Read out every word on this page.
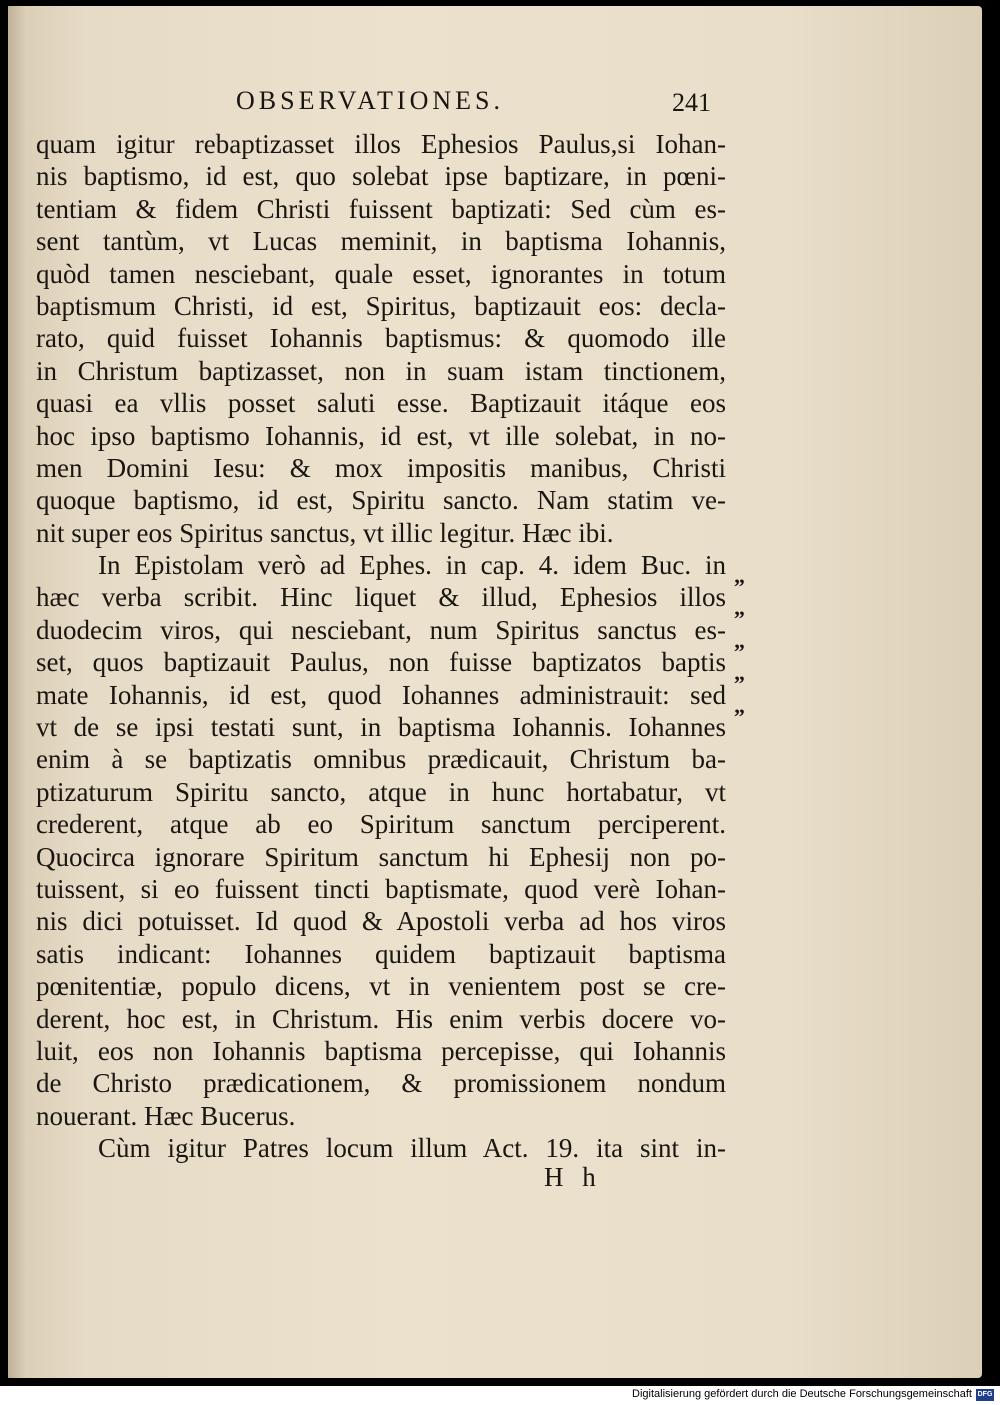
OBSERVATIONES.	241
quam igitur rebaptizasset illos Ephesios Paulus,si Iohan-
nis baptismo, id est, quo solebat ipse baptizare, in pœni-
tentiam & fidem Christi fuissent baptizati: Sed cùm es-
sent tantùm, vt Lucas meminit, in baptisma Iohannis,
quòd tamen nesciebant, quale esset, ignorantes in totum
baptismum Christi, id est, Spiritus, baptizauit eos: decla-
rato, quid fuisset Iohannis baptismus: & quomodo ille
in Christum baptizasset, non in suam istam tinctionem,
quasi ea vllis posset saluti esse. Baptizauit itáque eos
hoc ipso baptismo Iohannis, id est, vt ille solebat, in no-
men Domini Iesu: & mox impositis manibus, Christi
quoque baptismo, id est, Spiritu sancto. Nam statim ve-
nit super eos Spiritus sanctus, vt illic legitur. Hæc ibi.
In Epistolam verò ad Ephes. in cap. 4. idem Buc. in
hæc verba scribit. Hinc liquet & illud, Ephesios illos
duodecim viros, qui nesciebant, num Spiritus sanctus es-
set, quos baptizauit Paulus, non fuisse baptizatos baptis
mate Iohannis, id est, quod Iohannes administrauit: sed
vt de se ipsi testati sunt, in baptisma Iohannis. Iohannes
enim à se baptizatis omnibus prædicauit, Christum ba-
ptizaturum Spiritu sancto, atque in hunc hortabatur, vt
crederent, atque ab eo Spiritum sanctum perciperent.
Quocirca ignorare Spiritum sanctum hi Ephesij non po-
tuissent, si eo fuissent tincti baptismate, quod verè Iohan-
nis dici potuisset. Id quod & Apostoli verba ad hos viros
satis indicant: Iohannes quidem baptizauit baptisma
pœnitentiæ, populo dicens, vt in venientem post se cre-
derent, hoc est, in Christum. His enim verbis docere vo-
luit, eos non Iohannis baptisma percepisse, qui Iohannis
de Christo prædicationem, & promissionem nondum
nouerant. Hæc Bucerus.
Cùm igitur Patres locum illum Act. 19. ita sint in-
H h
„
„
„
„
„
Digitalisierung gefördert durch die Deutsche Forschungsgemeinschaft DFG
